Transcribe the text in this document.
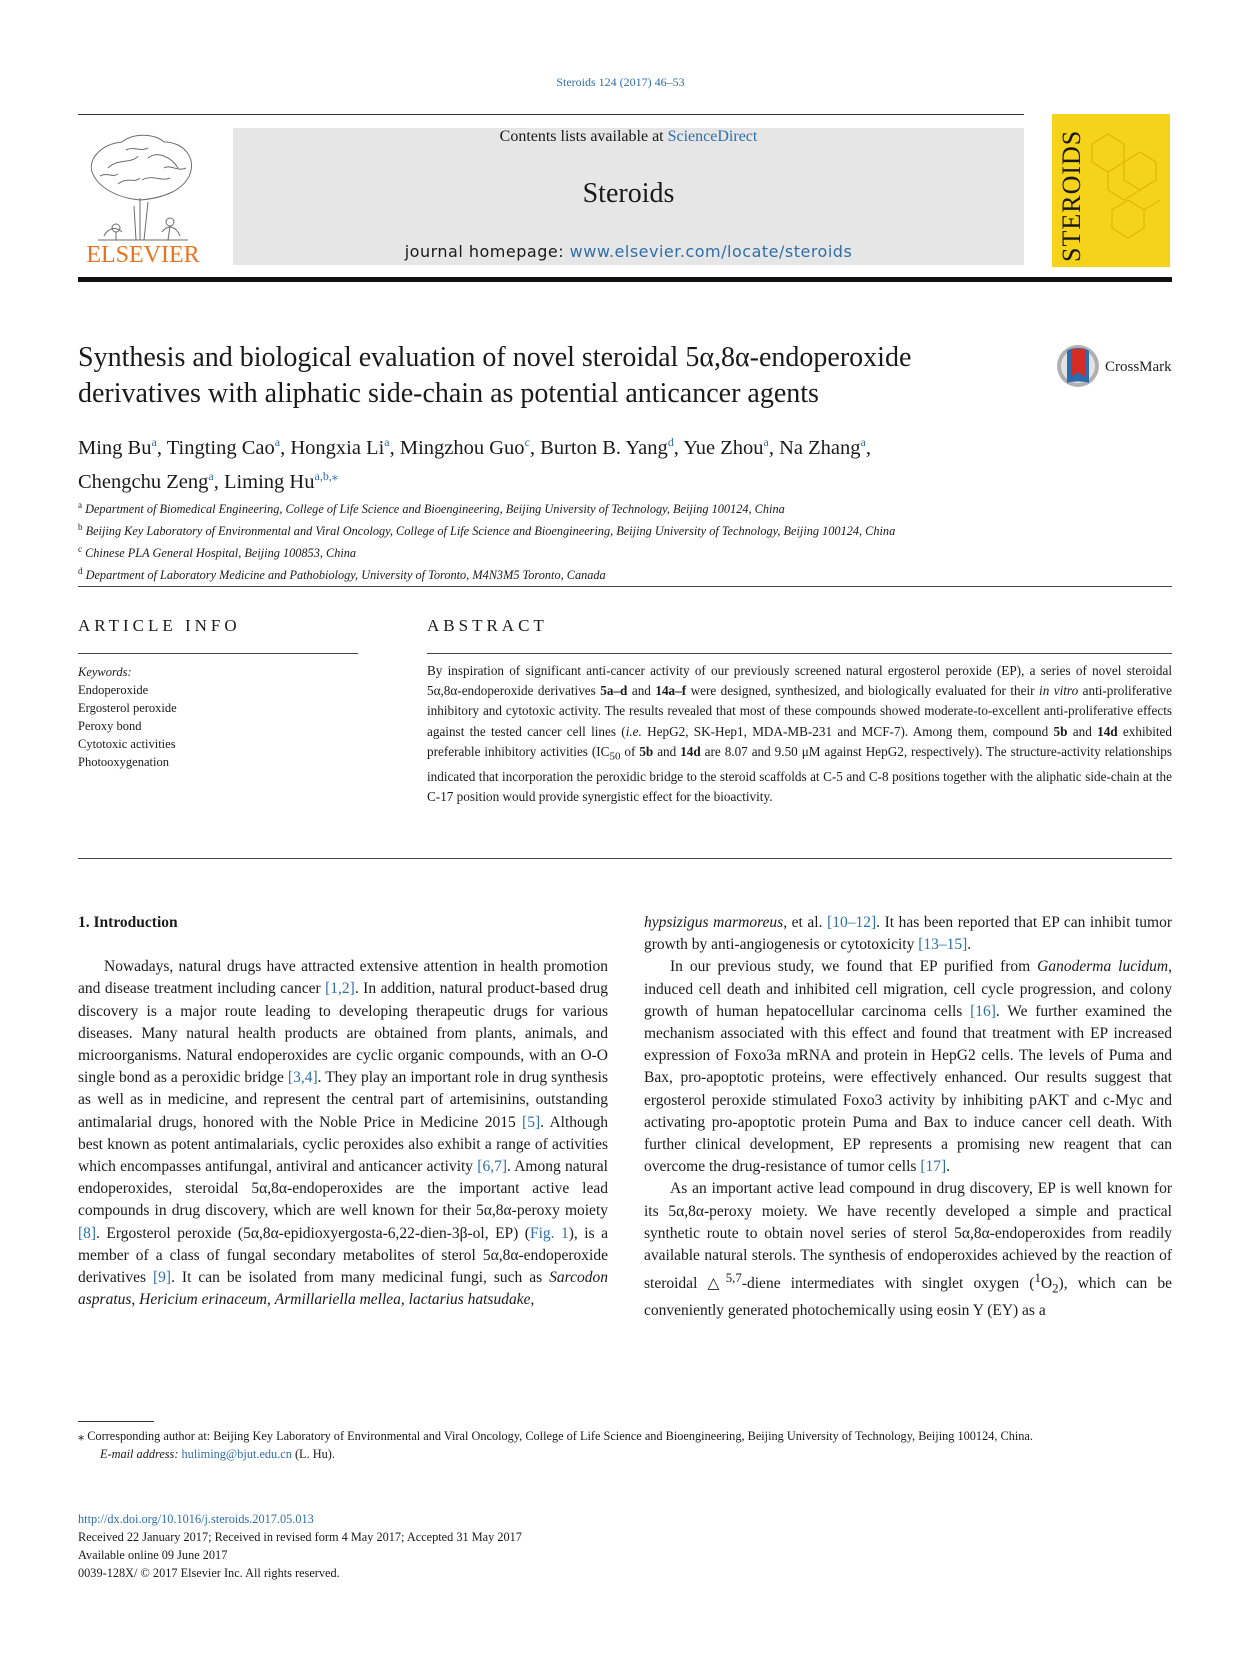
Steroids 124 (2017) 46–53
ELSEVIER
Contents lists available at ScienceDirect
Steroids
journal homepage: www.elsevier.com/locate/steroids	STEROIDS
Synthesis and biological evaluation of novel steroidal 5α,8α-endoperoxide derivatives with aliphatic side-chain as potential anticancer agents
CrossMark
Ming Bu$^a$, Tingting Cao$^a$, Hongxia Li$^a$, Mingzhou Guo$^c$, Burton B. Yang$^d$, Yue Zhou$^a$, Na Zhang$^a$,
Chengchu Zeng$^a$, Liming $Hu^{a,b,⁎}$
$^a$ Department of Biomedical Engineering, College of Life Science and Bioengineering, Beijing University of Technology, Beijing 100124, China
$^b$ Beijing Key Laboratory of Environmental and Viral Oncology, College of Life Science and Bioengineering, Beijing University of Technology, Beijing 100124, China
$^c$ Chinese PLA General Hospital, Beijing 100853, China
$^d$ Department of Laboratory Medicine and Pathobiology, University of Toronto, M4N3M5 Toronto, Canada
ARTICLE INFO
Keywords:
Endoperoxide
Ergosterol peroxide
Peroxy bond
Cytotoxic activities
Photooxygenation
ABSTRACT
By inspiration of significant anti-cancer activity of our previously screened natural ergosterol peroxide (EP), a series of novel steroidal 5α,8α-endoperoxide derivatives 5a–d and 14a–f were designed, synthesized, and biologically evaluated for their in vitro anti-proliferative inhibitory and cytotoxic activity. The results revealed that most of these compounds showed moderate-to-excellent anti-proliferative effects against the tested cancer cell lines (i.e. HepG2, SK-Hep1, MDA-MB-231 and MCF-7). Among them, compound 5b and 14d exhibited preferable inhibitory activities ($IC_{50}$ of 5b and 14d are 8.07 and 9.50 μM against HepG2, respectively). The structure-activity relationships indicated that incorporation the peroxidic bridge to the steroid scaffolds at C-5 and C-8 positions together with the aliphatic side-chain at the C-17 position would provide synergistic effect for the bioactivity.
1. Introduction

Nowadays, natural drugs have attracted extensive attention in health promotion and disease treatment including cancer [1,2]. In addition, natural product-based drug discovery is a major route leading to developing therapeutic drugs for various diseases. Many natural health products are obtained from plants, animals, and microorganisms. Natural endoperoxides are cyclic organic compounds, with an O-O single bond as a peroxidic bridge [3,4]. They play an important role in drug synthesis as well as in medicine, and represent the central part of artemisinins, outstanding antimalarial drugs, honored with the Noble Price in Medicine 2015 [5]. Although best known as potent antimalarials, cyclic peroxides also exhibit a range of activities which encompasses antifungal, antiviral and anticancer activity [6,7]. Among natural endoperoxides, steroidal 5α,8α-endoperoxides are the important active lead compounds in drug discovery, which are well known for their 5α,8α-peroxy moiety [8]. Ergosterol peroxide (5α,8α-epidioxyergosta-6,22-dien-3β-ol, EP) (Fig. 1), is a member of a class of fungal secondary metabolites of sterol 5α,8α-endoperoxide derivatives [9]. It can be isolated from many medicinal fungi, such as Sarcodon aspratus, Hericium erinaceum, Armillariella mellea, lactarius hatsudake,

hypsizigus marmoreus, et al. [10–12]. It has been reported that EP can inhibit tumor growth by anti-angiogenesis or cytotoxicity [13–15].

In our previous study, we found that EP purified from Ganoderma lucidum, induced cell death and inhibited cell migration, cell cycle progression, and colony growth of human hepatocellular carcinoma cells [16]. We further examined the mechanism associated with this effect and found that treatment with EP increased expression of Foxo3a mRNA and protein in HepG2 cells. The levels of Puma and Bax, pro-apoptotic proteins, were effectively enhanced. Our results suggest that ergosterol peroxide stimulated Foxo3 activity by inhibiting pAKT and c-Myc and activating pro-apoptotic protein Puma and Bax to induce cancer cell death. With further clinical development, EP represents a promising new reagent that can overcome the drug-resistance of tumor cells [17].

As an important active lead compound in drug discovery, EP is well known for its 5α,8α-peroxy moiety. We have recently developed a simple and practical synthetic route to obtain novel series of sterol 5α,8α-endoperoxides from readily available natural sterols. The synthesis of endoperoxides achieved by the reaction of steroidal △$^{5,7}$-diene intermediates with singlet oxygen $(^1O_2)$, which can be conveniently generated photochemically using eosin Y (EY) as a

⁎ Corresponding author at: Beijing Key Laboratory of Environmental and Viral Oncology, College of Life Science and Bioengineering, Beijing University of Technology, Beijing 100124, China.
E-mail address: huliming@bjut.edu.cn (L. Hu).
http://dx.doi.org/10.1016/j.steroids.2017.05.013
Received 22 January 2017; Received in revised form 4 May 2017; Accepted 31 May 2017
Available online 09 June 2017
0039-128X/ © 2017 Elsevier Inc. All rights reserved.
